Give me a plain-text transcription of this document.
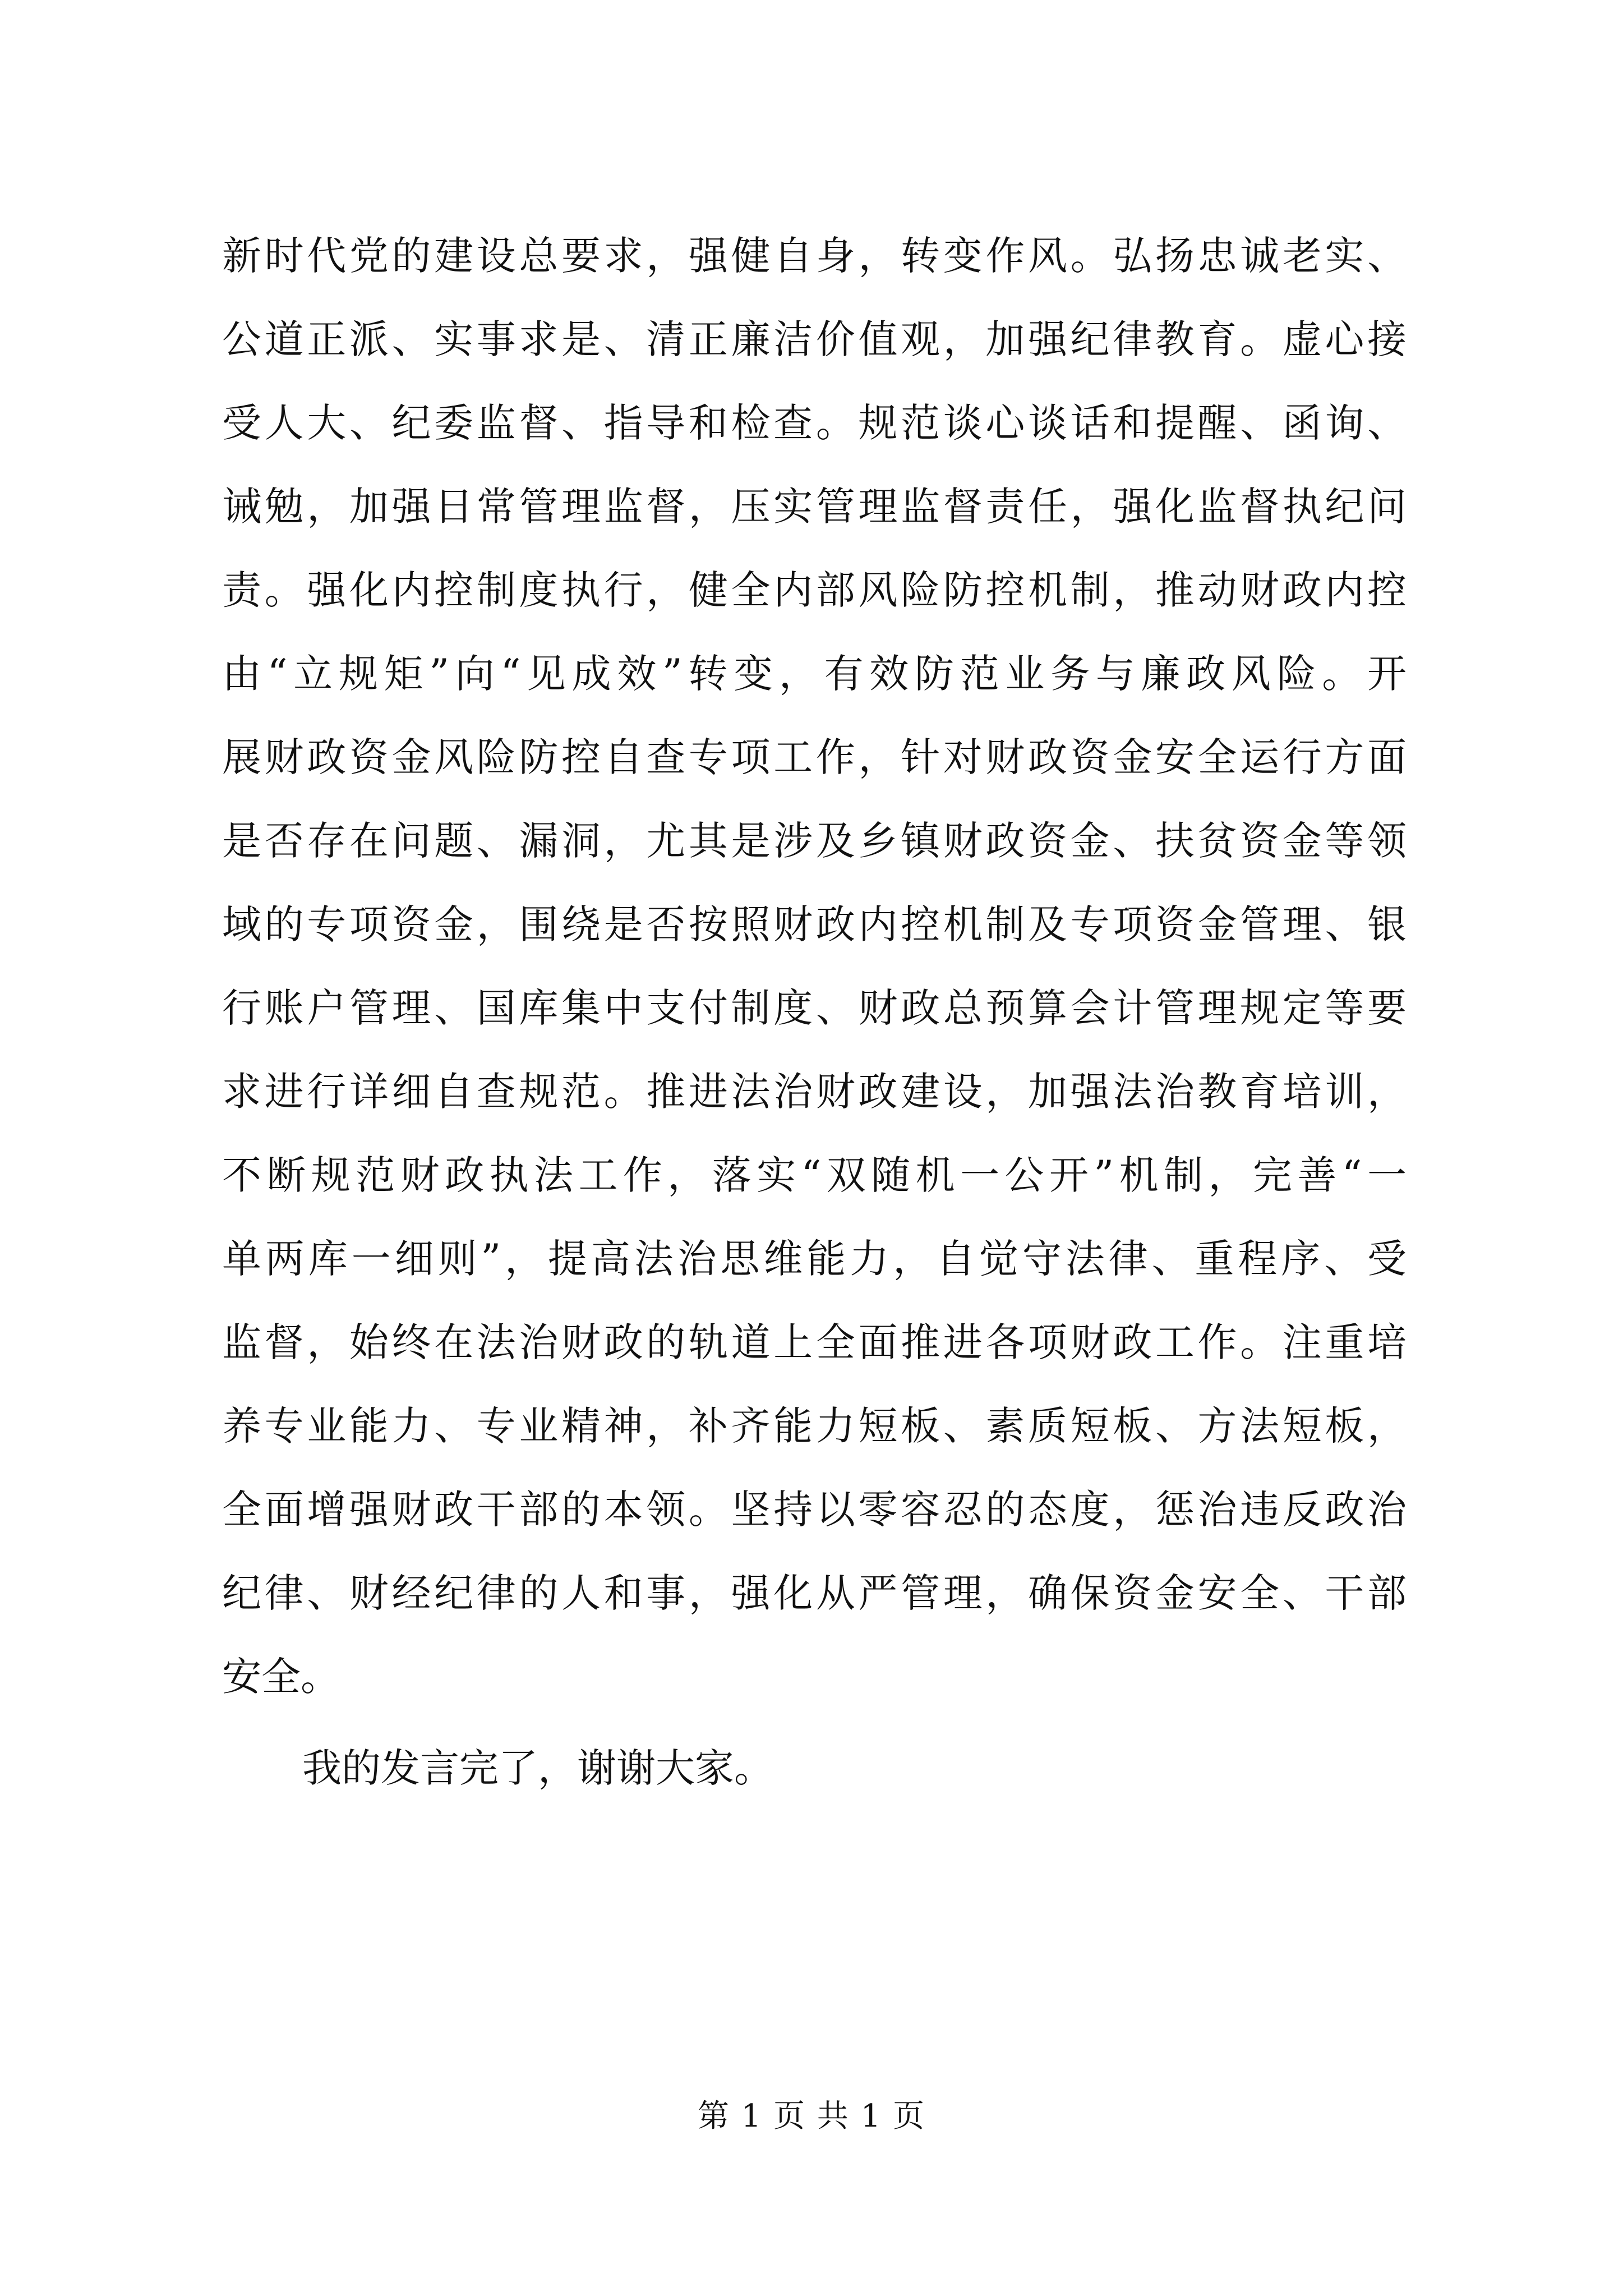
新时代党的建设总要求，强健自身，转变作风。弘扬忠诚老实、
公道正派、实事求是、清正廉洁价值观，加强纪律教育。虚心接
受人大、纪委监督、指导和检查。规范谈心谈话和提醒、函询、
诫勉，加强日常管理监督，压实管理监督责任，强化监督执纪问
责。强化内控制度执行，健全内部风险防控机制，推动财政内控
由“立规矩”向“见成效”转变，有效防范业务与廉政风险。开
展财政资金风险防控自查专项工作，针对财政资金安全运行方面
是否存在问题、漏洞，尤其是涉及乡镇财政资金、扶贫资金等领
域的专项资金，围绕是否按照财政内控机制及专项资金管理、银
行账户管理、国库集中支付制度、财政总预算会计管理规定等要
求进行详细自查规范。推进法治财政建设，加强法治教育培训，
不断规范财政执法工作，落实“双随机一公开”机制，完善“一
单两库一细则”，提高法治思维能力，自觉守法律、重程序、受
监督，始终在法治财政的轨道上全面推进各项财政工作。注重培
养专业能力、专业精神，补齐能力短板、素质短板、方法短板，
全面增强财政干部的本领。坚持以零容忍的态度，惩治违反政治
纪律、财经纪律的人和事，强化从严管理，确保资金安全、干部
安全。
我的发言完了，谢谢大家。
第 1 页 共 1 页
